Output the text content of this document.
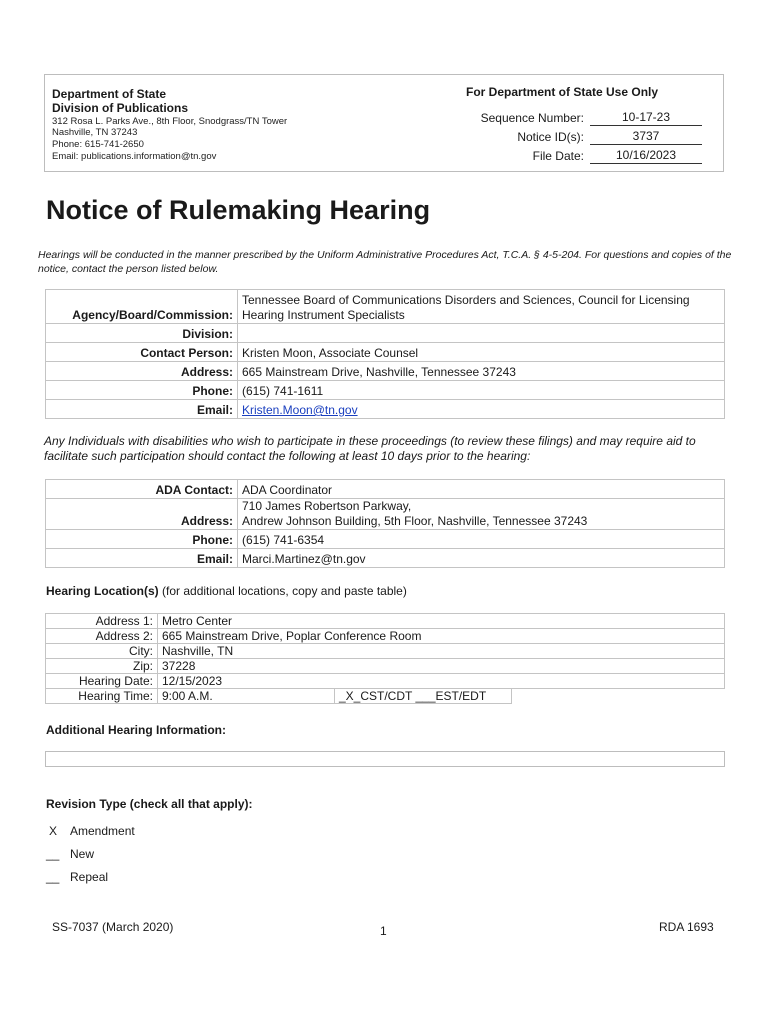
Department of State
Division of Publications
312 Rosa L. Parks Ave., 8th Floor, Snodgrass/TN Tower
Nashville, TN 37243
Phone: 615-741-2650
Email: publications.information@tn.gov
For Department of State Use Only
Sequence Number:	10-17-23
Notice ID(s):	3737
File Date:	10/16/2023
Notice of Rulemaking Hearing
Hearings will be conducted in the manner prescribed by the Uniform Administrative Procedures Act, T.C.A. § 4-5-204. For questions and copies of the notice, contact the person listed below.
Agency/Board/Commission:	Tennessee Board of Communications Disorders and Sciences, Council for Licensing Hearing Instrument Specialists
Division:	
Contact Person:	Kristen Moon, Associate Counsel
Address:	665 Mainstream Drive, Nashville, Tennessee 37243
Phone:	(615) 741-1611
Email:	Kristen.Moon@tn.gov
Any Individuals with disabilities who wish to participate in these proceedings (to review these filings) and may require aid to facilitate such participation should contact the following at least 10 days prior to the hearing:
ADA Contact:	ADA Coordinator
Address:	710 James Robertson Parkway,
Andrew Johnson Building, 5th Floor, Nashville, Tennessee 37243

Phone:	(615) 741-6354
Email:	Marci.Martinez@tn.gov
Hearing Location(s) (for additional locations, copy and paste table)
Address 1:	Metro Center		
Address 2:	665 Mainstream Drive, Poplar Conference Room		
City:	Nashville, TN		
Zip:	37228		
Hearing Date:	12/15/2023		
Hearing Time:	9:00 A.M.	_X_CST/CDT ___EST/EDT	
Additional Hearing Information:
Revision Type (check all that apply):
X	Amendment
__ New
__ Repeal
SS-7037 (March 2020)	1	RDA 1693
